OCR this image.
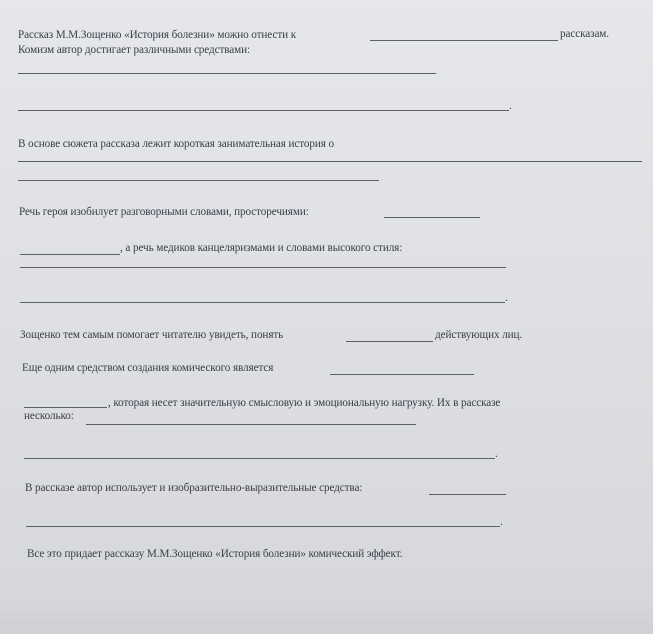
Рассказ М.М.Зощенко «История болезни» можно отнести к	рассказам.
Комизм автор достигает различными средствами:
.
В основе сюжета рассказа лежит короткая занимательная история о
Речь героя изобилует разговорными словами, просторечиями:
, а речь медиков канцеляризмами и словами высокого стиля:
.
Зощенко тем самым помогает читателю увидеть, понять	действующих лиц.
Еще одним средством создания комического является
, которая несет значительную смысловую и эмоциональную нагрузку. Их в рассказе
несколько:
.
В рассказе автор использует и изобразительно-выразительные средства:
.
Все это придает рассказу М.М.Зощенко «История болезни» комический эффект.
